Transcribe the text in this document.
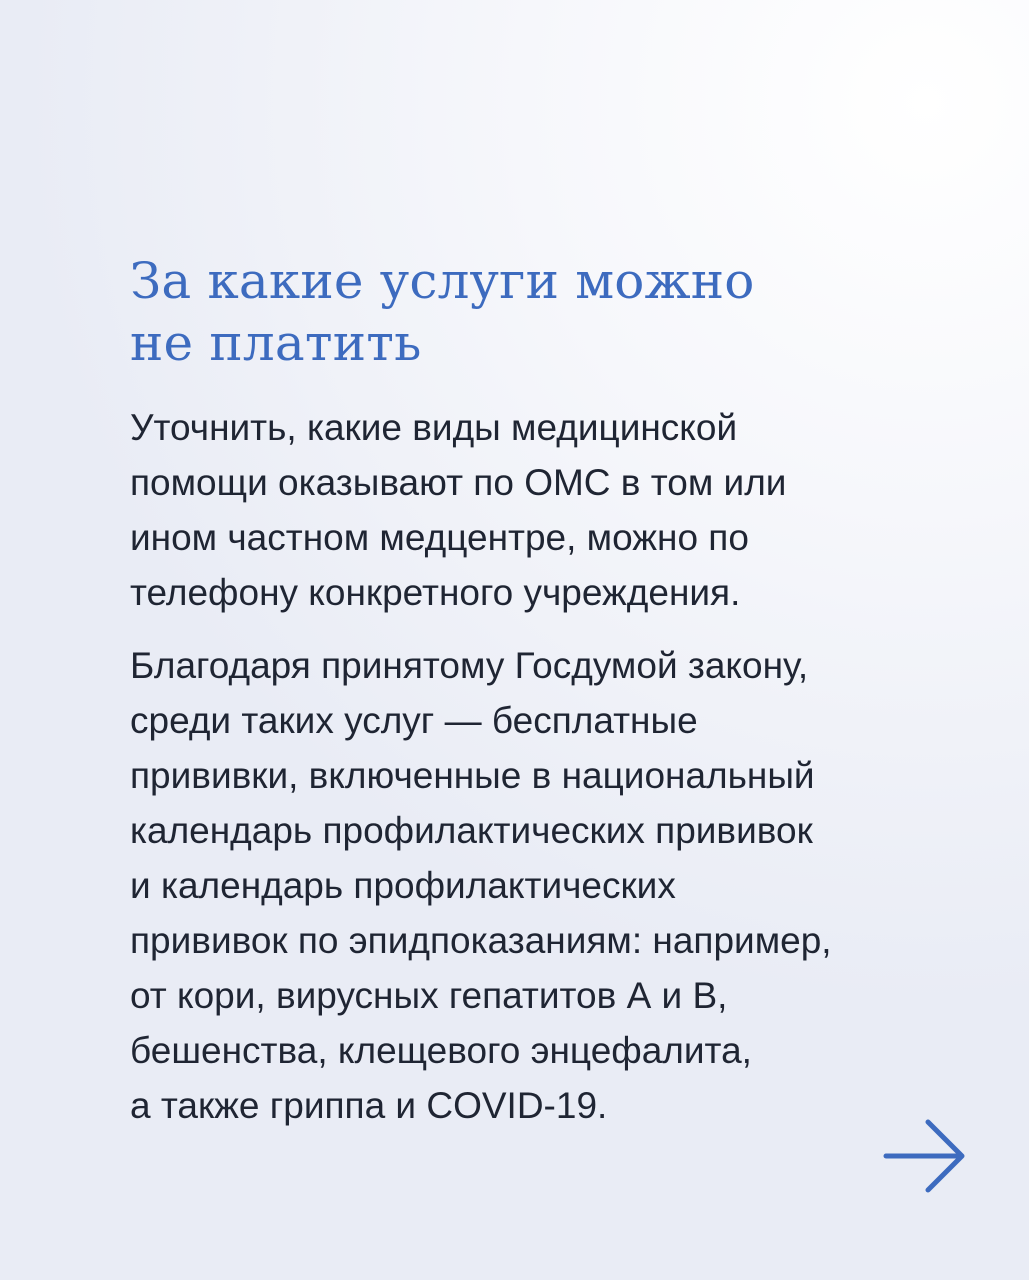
За какие услуги можно
не платить

Уточнить, какие виды медицинской
помощи оказывают по ОМС в том или
ином частном медцентре, можно по
телефону конкретного учреждения.

Благодаря принятому Госдумой закону,
среди таких услуг — бесплатные
прививки, включенные в национальный
календарь профилактических прививок
и календарь профилактических
прививок по эпидпоказаниям: например,
от кори, вирусных гепатитов А и В,
бешенства, клещевого энцефалита,
а также гриппа и COVID-19.
